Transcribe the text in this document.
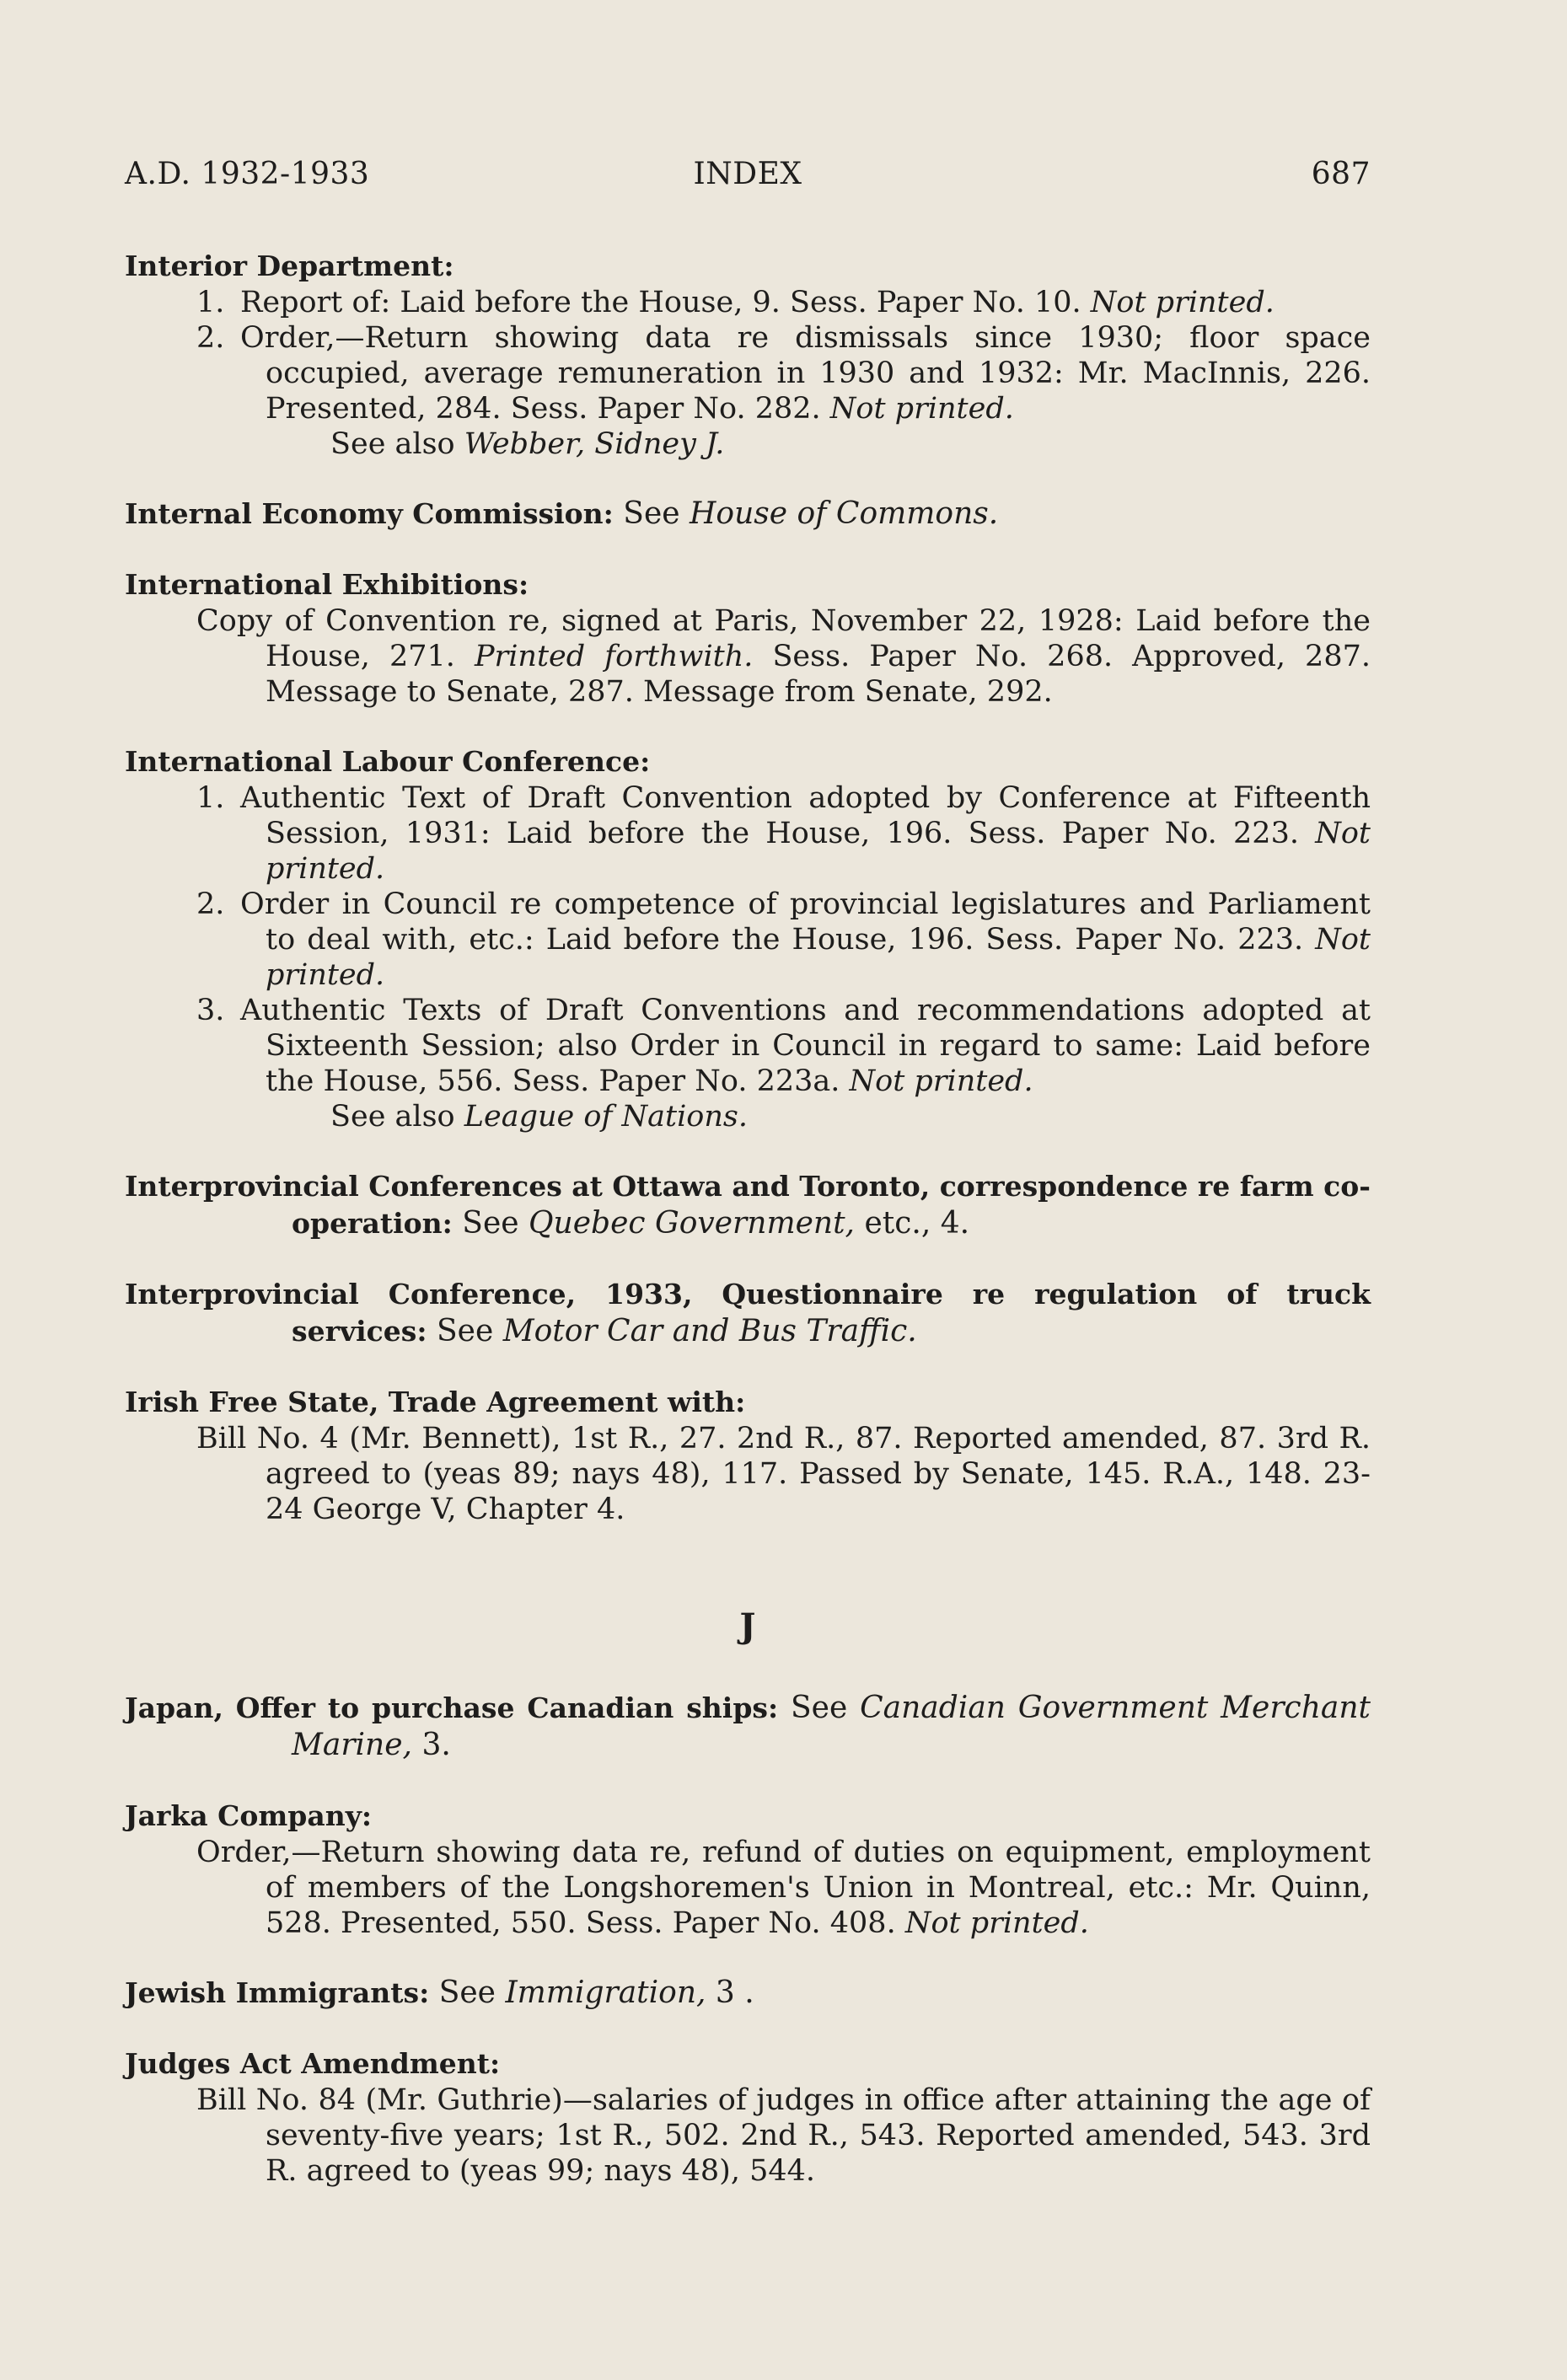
A.D. 1932-1933	INDEX	687
Interior Department:
1. Report of: Laid before the House, 9. Sess. Paper No. 10. Not printed.
2. Order,—Return showing data re dismissals since 1930; floor space occupied, average remuneration in 1930 and 1932: Mr. MacInnis, 226. Presented, 284. Sess. Paper No. 282. Not printed.
See also Webber, Sidney J.
Internal Economy Commission: See House of Commons.
International Exhibitions:
Copy of Convention re, signed at Paris, November 22, 1928: Laid before the House, 271. Printed forthwith. Sess. Paper No. 268. Approved, 287. Message to Senate, 287. Message from Senate, 292.
International Labour Conference:
1. Authentic Text of Draft Convention adopted by Conference at Fifteenth Session, 1931: Laid before the House, 196. Sess. Paper No. 223. Not printed.
2. Order in Council re competence of provincial legislatures and Parliament to deal with, etc.: Laid before the House, 196. Sess. Paper No. 223. Not printed.
3. Authentic Texts of Draft Conventions and recommendations adopted at Sixteenth Session; also Order in Council in regard to same: Laid before the House, 556. Sess. Paper No. 223a. Not printed.
See also League of Nations.
Interprovincial Conferences at Ottawa and Toronto, correspondence re farm co-operation: See Quebec Government, etc., 4.
Interprovincial Conference, 1933, Questionnaire re regulation of truck services: See Motor Car and Bus Traffic.
Irish Free State, Trade Agreement with:
Bill No. 4 (Mr. Bennett), 1st R., 27. 2nd R., 87. Reported amended, 87. 3rd R. agreed to (yeas 89; nays 48), 117. Passed by Senate, 145. R.A., 148. 23-24 George V, Chapter 4.
J
Japan, Offer to purchase Canadian ships: See Canadian Government Merchant Marine, 3.
Jarka Company:
Order,—Return showing data re, refund of duties on equipment, employment of members of the Longshoremen's Union in Montreal, etc.: Mr. Quinn, 528. Presented, 550. Sess. Paper No. 408. Not printed.
Jewish Immigrants: See Immigration, 3 .
Judges Act Amendment:
Bill No. 84 (Mr. Guthrie)—salaries of judges in office after attaining the age of seventy-five years; 1st R., 502. 2nd R., 543. Reported amended, 543. 3rd R. agreed to (yeas 99; nays 48), 544.
